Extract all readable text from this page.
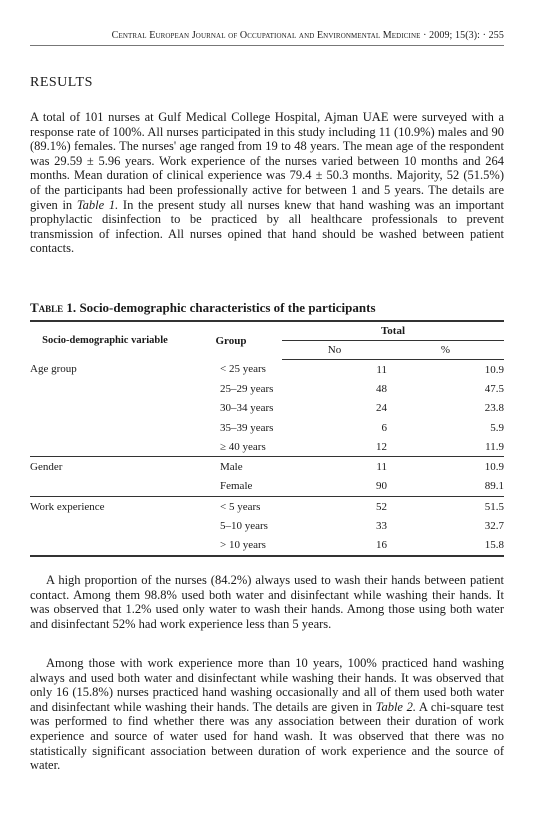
Central European Journal of Occupational and Environmental Medicine · 2009; 15(3): · 255
RESULTS

A total of 101 nurses at Gulf Medical College Hospital, Ajman UAE were surveyed with a response rate of 100%. All nurses participated in this study including 11 (10.9%) males and 90 (89.1%) females. The nurses' age ranged from 19 to 48 years. The mean age of the respondent was 29.59 ± 5.96 years. Work experience of the nurses varied between 10 months and 264 months. Mean duration of clinical experience was 79.4 ± 50.3 months. Majority, 52 (51.5%) of the participants had been professionally active for between 1 and 5 years. The details are given in Table 1. In the present study all nurses knew that hand washing was an important prophylactic disinfection to be practiced by all healthcare professionals to prevent transmission of infection. All nurses opined that hand should be washed between patient contacts.

Table 1. Socio-demographic characteristics of the participants
Socio-demographic variable	Group	Total	
		No	%
Age group	< 25 years	11	10.9
	25–29 years	48	47.5
	30–34 years	24	23.8
	35–39 years	6	5.9
	≥ 40 years	12	11.9
Gender	Male	11	10.9
	Female	90	89.1
Work experience	< 5 years	52	51.5
	5–10 years	33	32.7
	> 10 years	16	15.8

A high proportion of the nurses (84.2%) always used to wash their hands between patient contact. Among them 98.8% used both water and disinfectant while washing their hands. It was observed that 1.2% used only water to wash their hands. Among those using both water and disinfectant 52% had work experience less than 5 years.

Among those with work experience more than 10 years, 100% practiced hand washing always and used both water and disinfectant while washing their hands. It was observed that only 16 (15.8%) nurses practiced hand washing occasionally and all of them used both water and disinfectant while washing their hands. The details are given in Table 2. A chi-square test was performed to find whether there was any association between their duration of work experience and source of water used for hand wash. It was observed that there was no statistically significant association between duration of work experience and the source of water.
